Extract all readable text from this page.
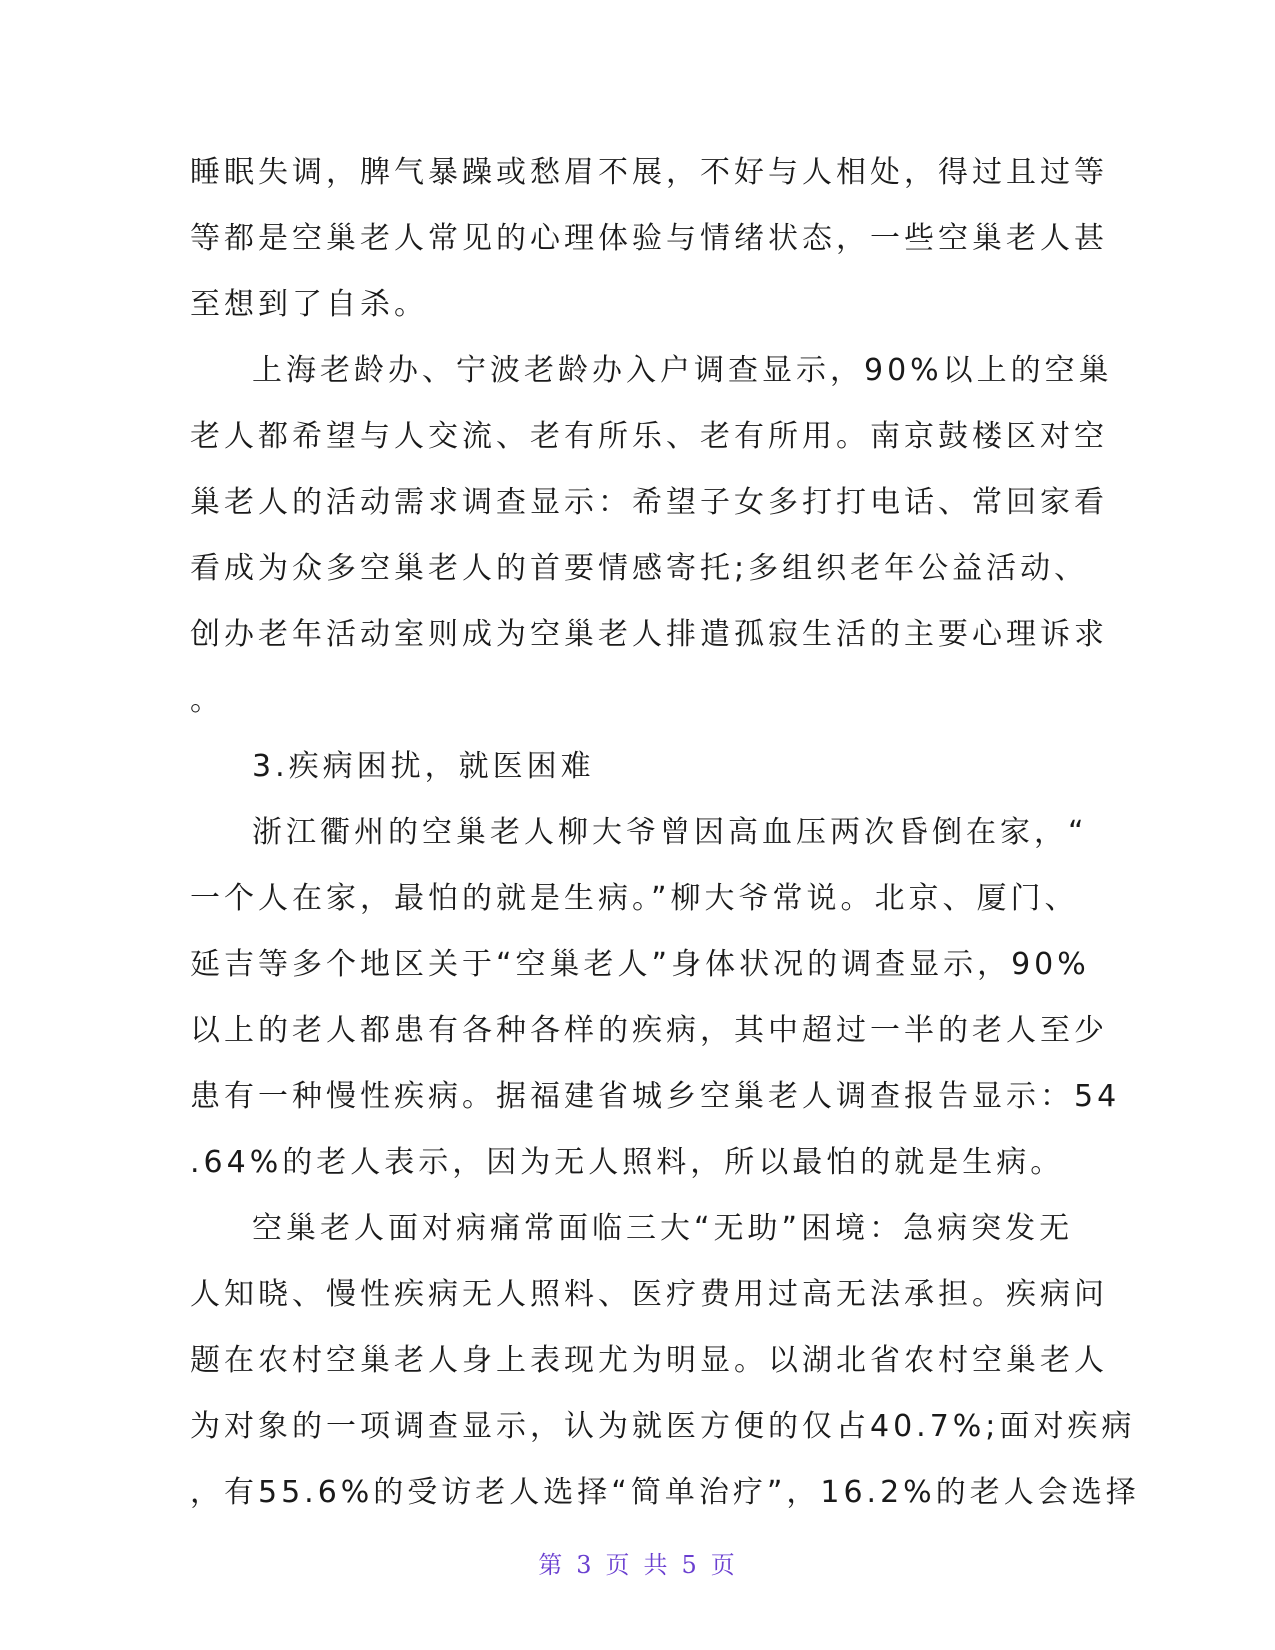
睡眠失调，脾气暴躁或愁眉不展，不好与人相处，得过且过等
等都是空巢老人常见的心理体验与情绪状态，一些空巢老人甚
至想到了自杀。
上海老龄办、宁波老龄办入户调查显示，90%以上的空巢
老人都希望与人交流、老有所乐、老有所用。南京鼓楼区对空
巢老人的活动需求调查显示：希望子女多打打电话、常回家看
看成为众多空巢老人的首要情感寄托;多组织老年公益活动、
创办老年活动室则成为空巢老人排遣孤寂生活的主要心理诉求
。
3.疾病困扰，就医困难
浙江衢州的空巢老人柳大爷曾因高血压两次昏倒在家，“
一个人在家，最怕的就是生病。”柳大爷常说。北京、厦门、
延吉等多个地区关于“空巢老人”身体状况的调查显示，90%
以上的老人都患有各种各样的疾病，其中超过一半的老人至少
患有一种慢性疾病。据福建省城乡空巢老人调查报告显示：54
.64%的老人表示，因为无人照料，所以最怕的就是生病。
空巢老人面对病痛常面临三大“无助”困境：急病突发无
人知晓、慢性疾病无人照料、医疗费用过高无法承担。疾病问
题在农村空巢老人身上表现尤为明显。以湖北省农村空巢老人
为对象的一项调查显示，认为就医方便的仅占40.7%;面对疾病
，有55.6%的受访老人选择“简单治疗”，16.2%的老人会选择
第 3 页 共 5 页
